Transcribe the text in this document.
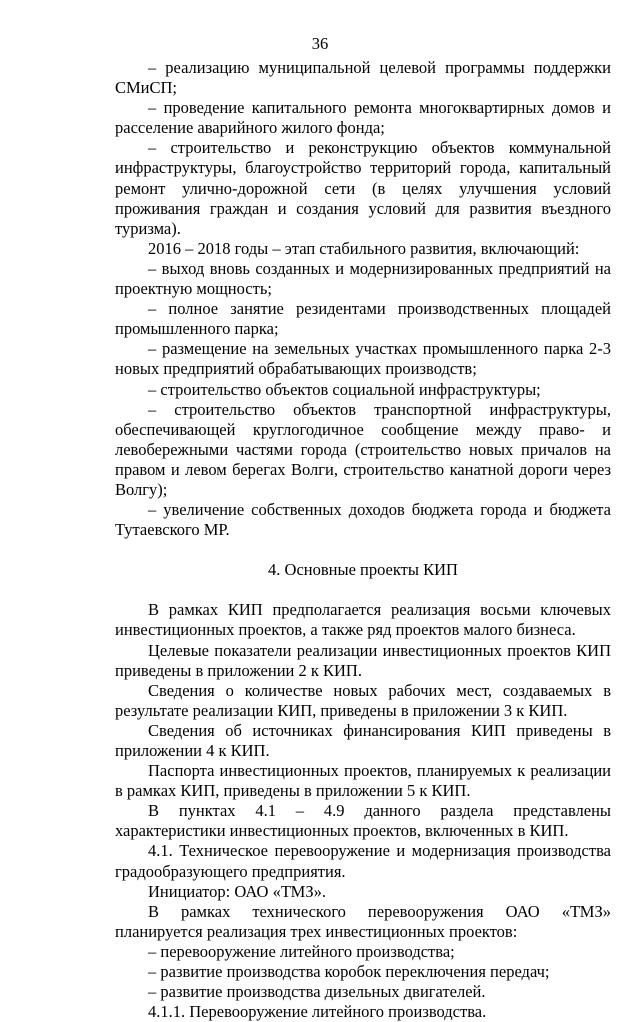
36

– реализацию муниципальной целевой программы поддержки СМиСП;

– проведение капитального ремонта многоквартирных домов и расселение аварийного жилого фонда;

– строительство и реконструкцию объектов коммунальной инфраструктуры, благоустройство территорий города, капитальный ремонт улично-дорожной сети (в целях улучшения условий проживания граждан и создания условий для развития въездного туризма).

2016 – 2018 годы – этап стабильного развития, включающий:

– выход вновь созданных и модернизированных предприятий на проектную мощность;

– полное занятие резидентами производственных площадей промышленного парка;

– размещение на земельных участках промышленного парка 2-3 новых предприятий обрабатывающих производств;

– строительство объектов социальной инфраструктуры;

– строительство объектов транспортной инфраструктуры, обеспечивающей круглогодичное сообщение между право- и левобережными частями города (строительство новых причалов на правом и левом берегах Волги, строительство канатной дороги через Волгу);

– увеличение собственных доходов бюджета города и бюджета Тутаевского МР.

4. Основные проекты КИП

В рамках КИП предполагается реализация восьми ключевых инвестиционных проектов, а также ряд проектов малого бизнеса.

Целевые показатели реализации инвестиционных проектов КИП приведены в приложении 2 к КИП.

Сведения о количестве новых рабочих мест, создаваемых в результате реализации КИП, приведены в приложении 3 к КИП.

Сведения об источниках финансирования КИП приведены в приложении 4 к КИП.

Паспорта инвестиционных проектов, планируемых к реализации в рамках КИП, приведены в приложении 5 к КИП.

В пунктах 4.1 – 4.9 данного раздела представлены характеристики инвестиционных проектов, включенных в КИП.

4.1. Техническое перевооружение и модернизация производства градообразующего предприятия.

Инициатор: ОАО «ТМЗ».

В рамках технического перевооружения ОАО «ТМЗ» планируется реализация трех инвестиционных проектов:

– перевооружение литейного производства;

– развитие производства коробок переключения передач;

– развитие производства дизельных двигателей.

4.1.1. Перевооружение литейного производства.
